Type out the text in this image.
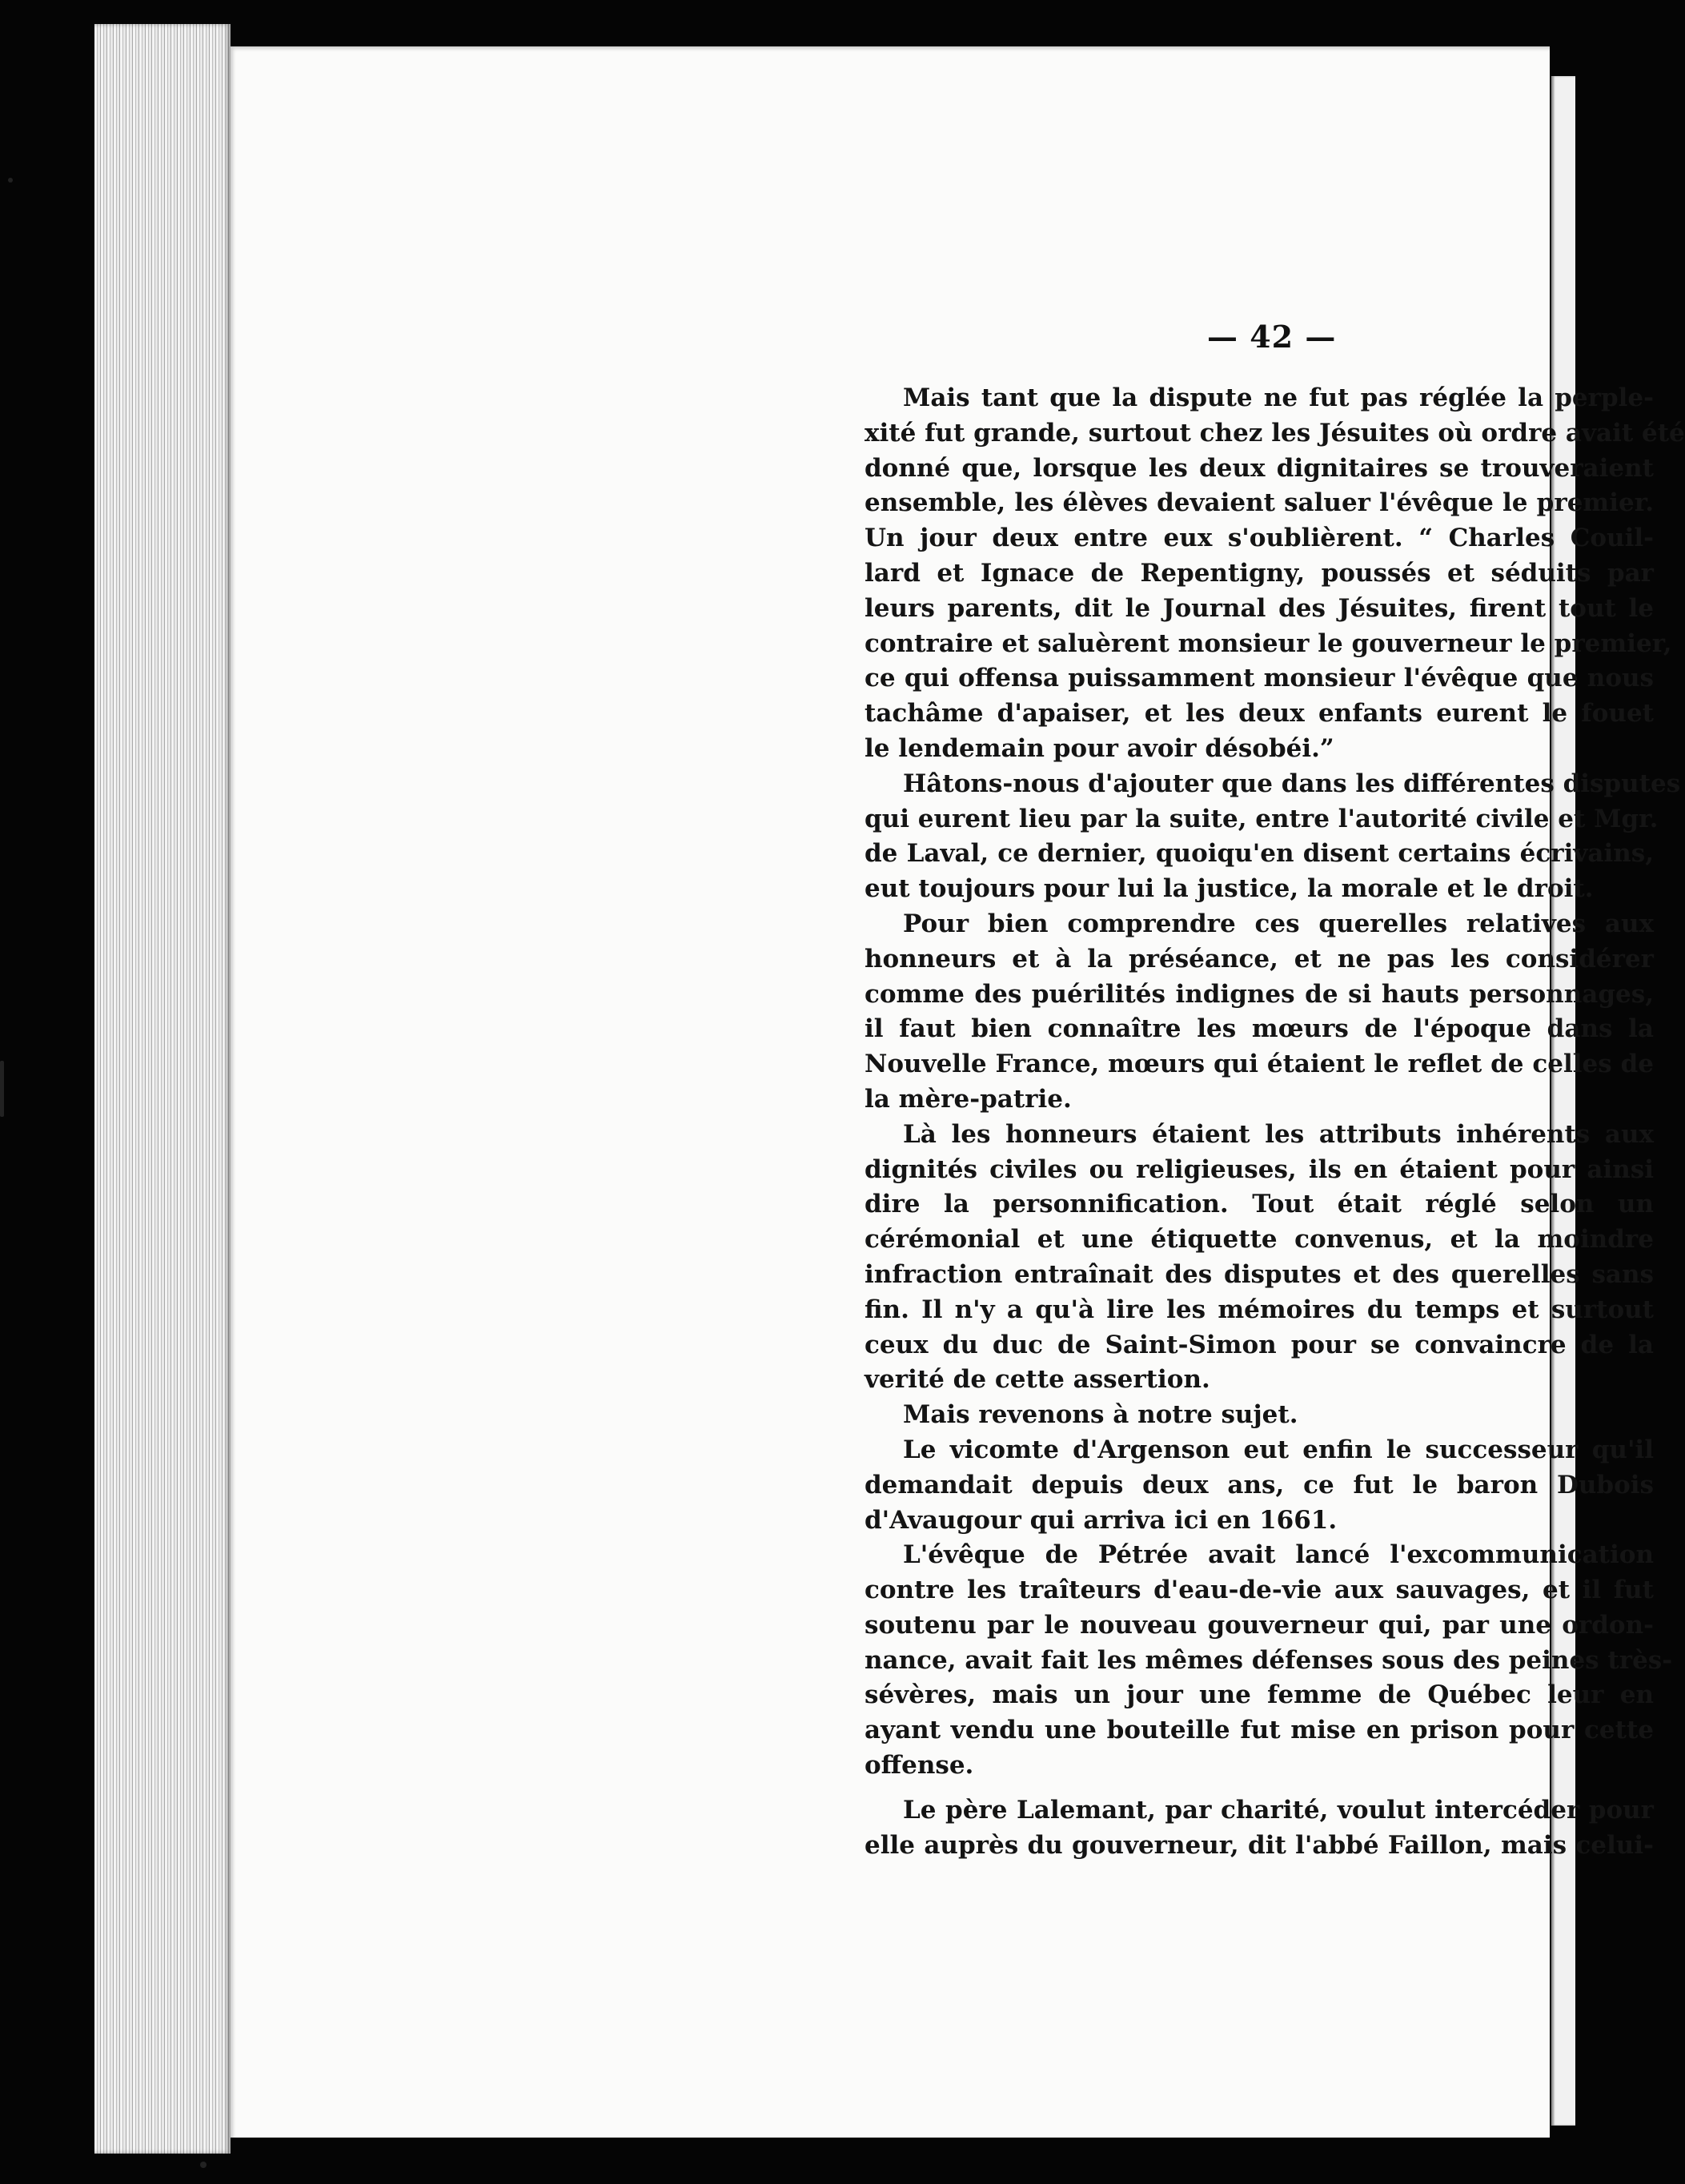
— 42 —
Mais tant que la dispute ne fut pas réglée la perple-
xité fut grande, surtout chez les Jésuites où ordre avait été
donné que, lorsque les deux dignitaires se trouveraient
ensemble, les élèves devaient saluer l'évêque le premier.
Un jour deux entre eux s'oublièrent. “ Charles Couil-
lard et Ignace de Repentigny, poussés et séduits par
leurs parents, dit le Journal des Jésuites, firent tout le
contraire et saluèrent monsieur le gouverneur le premier,
ce qui offensa puissamment monsieur l'évêque que nous
tachâme d'apaiser, et les deux enfants eurent le fouet
le lendemain pour avoir désobéi.”
Hâtons-nous d'ajouter que dans les différentes disputes
qui eurent lieu par la suite, entre l'autorité civile et Mgr.
de Laval, ce dernier, quoiqu'en disent certains écrivains,
eut toujours pour lui la justice, la morale et le droit.
Pour bien comprendre ces querelles relatives aux
honneurs et à la préséance, et ne pas les considérer
comme des puérilités indignes de si hauts personnages,
il faut bien connaître les mœurs de l'époque dans la
Nouvelle France, mœurs qui étaient le reflet de celles de
la mère-patrie.
Là les honneurs étaient les attributs inhérents aux
dignités civiles ou religieuses, ils en étaient pour ainsi
dire la personnification. Tout était réglé selon un
cérémonial et une étiquette convenus, et la moindre
infraction entraînait des disputes et des querelles sans
fin. Il n'y a qu'à lire les mémoires du temps et surtout
ceux du duc de Saint-Simon pour se convaincre de la
verité de cette assertion.
Mais revenons à notre sujet.
Le vicomte d'Argenson eut enfin le successeur qu'il
demandait depuis deux ans, ce fut le baron Dubois
d'Avaugour qui arriva ici en 1661.
L'évêque de Pétrée avait lancé l'excommunication
contre les traîteurs d'eau-de-vie aux sauvages, et il fut
soutenu par le nouveau gouverneur qui, par une ordon-
nance, avait fait les mêmes défenses sous des peines très-
sévères, mais un jour une femme de Québec leur en
ayant vendu une bouteille fut mise en prison pour cette
offense.
Le père Lalemant, par charité, voulut intercéder pour
elle auprès du gouverneur, dit l'abbé Faillon, mais celui-
